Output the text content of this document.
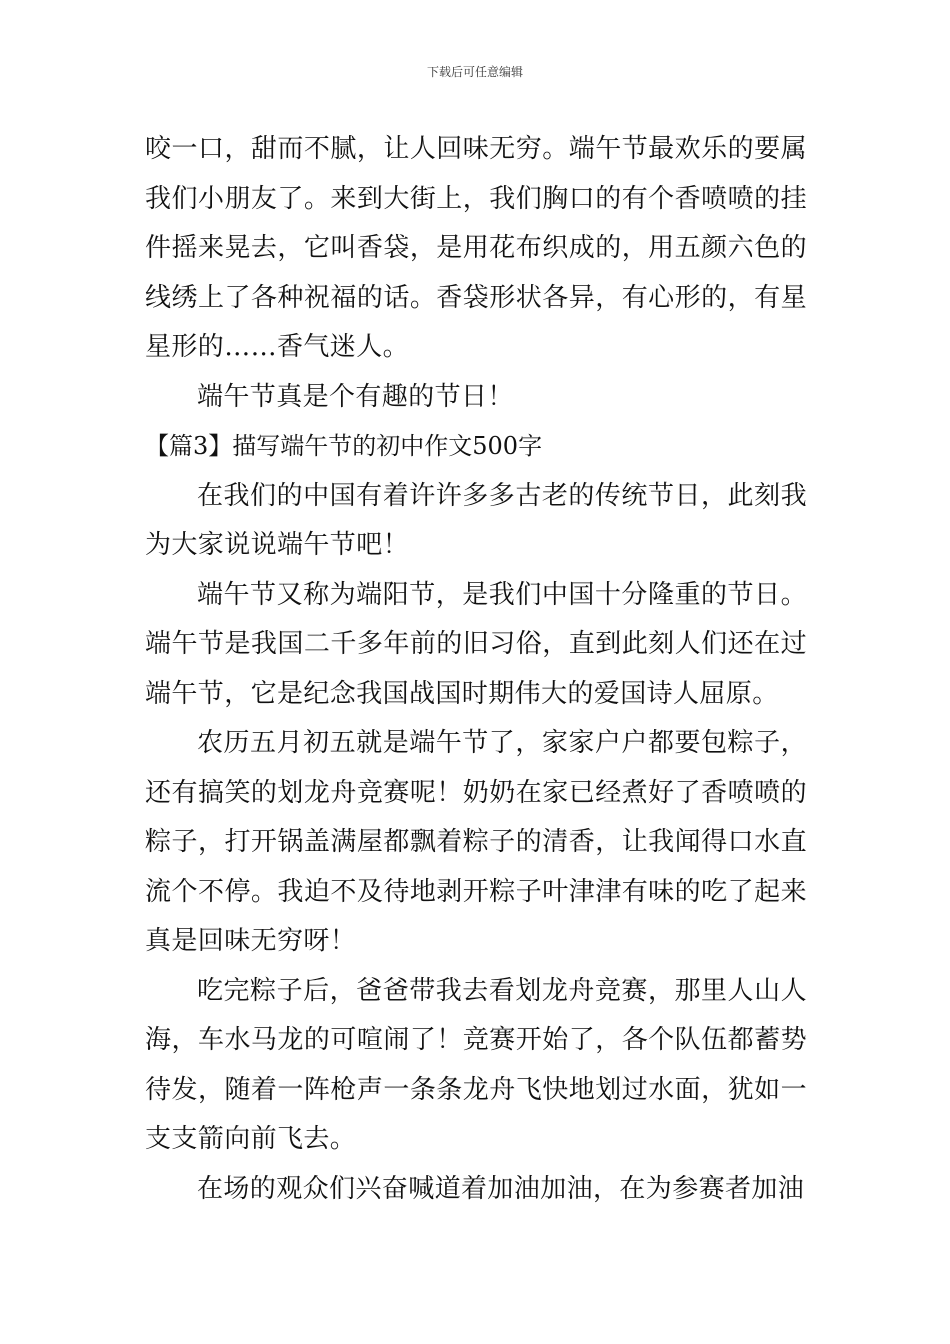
下载后可任意编辑

咬一口，甜而不腻，让人回味无穷。端午节最欢乐的要属我们小朋友了。来到大街上，我们胸口的有个香喷喷的挂件摇来晃去，它叫香袋，是用花布织成的，用五颜六色的线绣上了各种祝福的话。香袋形状各异，有心形的，有星星形的……香气迷人。

端午节真是个有趣的节日！

【篇3】描写端午节的初中作文500字

在我们的中国有着许许多多古老的传统节日，此刻我为大家说说端午节吧！

端午节又称为端阳节，是我们中国十分隆重的节日。端午节是我国二千多年前的旧习俗，直到此刻人们还在过端午节，它是纪念我国战国时期伟大的爱国诗人屈原。

农历五月初五就是端午节了，家家户户都要包粽子，还有搞笑的划龙舟竞赛呢！奶奶在家已经煮好了香喷喷的粽子，打开锅盖满屋都飘着粽子的清香，让我闻得口水直流个不停。我迫不及待地剥开粽子叶津津有味的吃了起来真是回味无穷呀！

吃完粽子后，爸爸带我去看划龙舟竞赛，那里人山人海，车水马龙的可喧闹了！竞赛开始了，各个队伍都蓄势待发，随着一阵枪声一条条龙舟飞快地划过水面，犹如一支支箭向前飞去。

在场的观众们兴奋喊道着加油加油，在为参赛者加油
